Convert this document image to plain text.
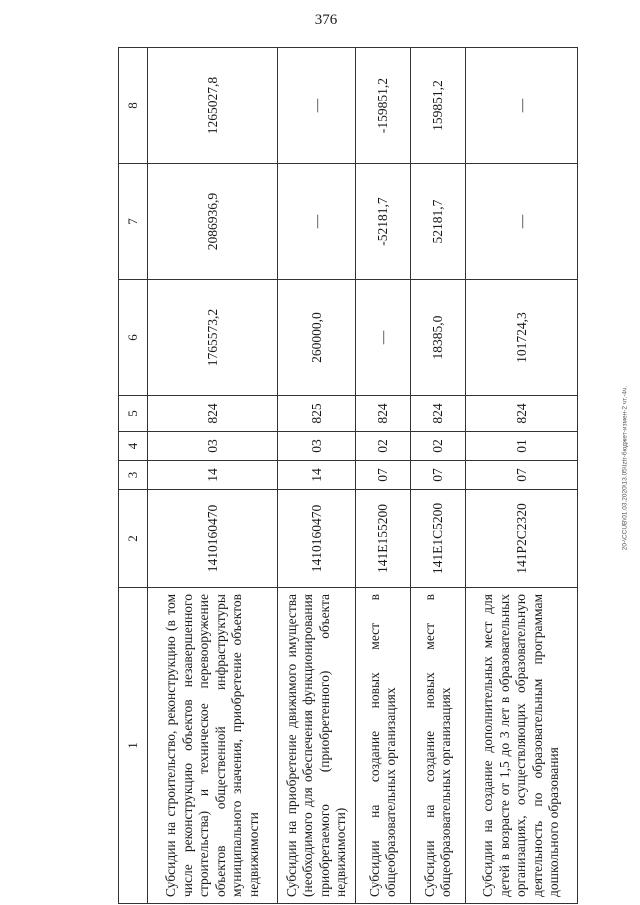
376
20-\СCUB\01.03.2020\13.05\Іztr-бюджет-измен-2 чт.-4ч.
1	2	3	4	5	6	7	8
Субсидии на строительство, реконструкцию (в том числе реконструкцию объектов незавершенного строительства) и техническое перевооружение объектов общественной инфраструктуры муниципального значения, приобретение объектов недвижимости	1410160470	14	03	824	1765573,2	2086936,9	1265027,8
Субсидии на приобретение движимого имущества (необходимого для обеспечения функционирования приобретаемого (приобретенного) объекта недвижимости)	1410160470	14	03	825	260000,0	—	—
Субсидии на создание новых мест в общеобразовательных организациях	141E155200	07	02	824	—	-52181,7	-159851,2
Субсидии на создание новых мест в общеобразовательных организациях	141E1C5200	07	02	824	18385,0	52181,7	159851,2
Субсидии на создание дополнительных мест для детей в возрасте от 1,5 до 3 лет в образовательных организациях, осуществляющих образовательную деятельность по образовательным программам дошкольного образования	141P2C2320	07	01	824	101724,3	—	—
